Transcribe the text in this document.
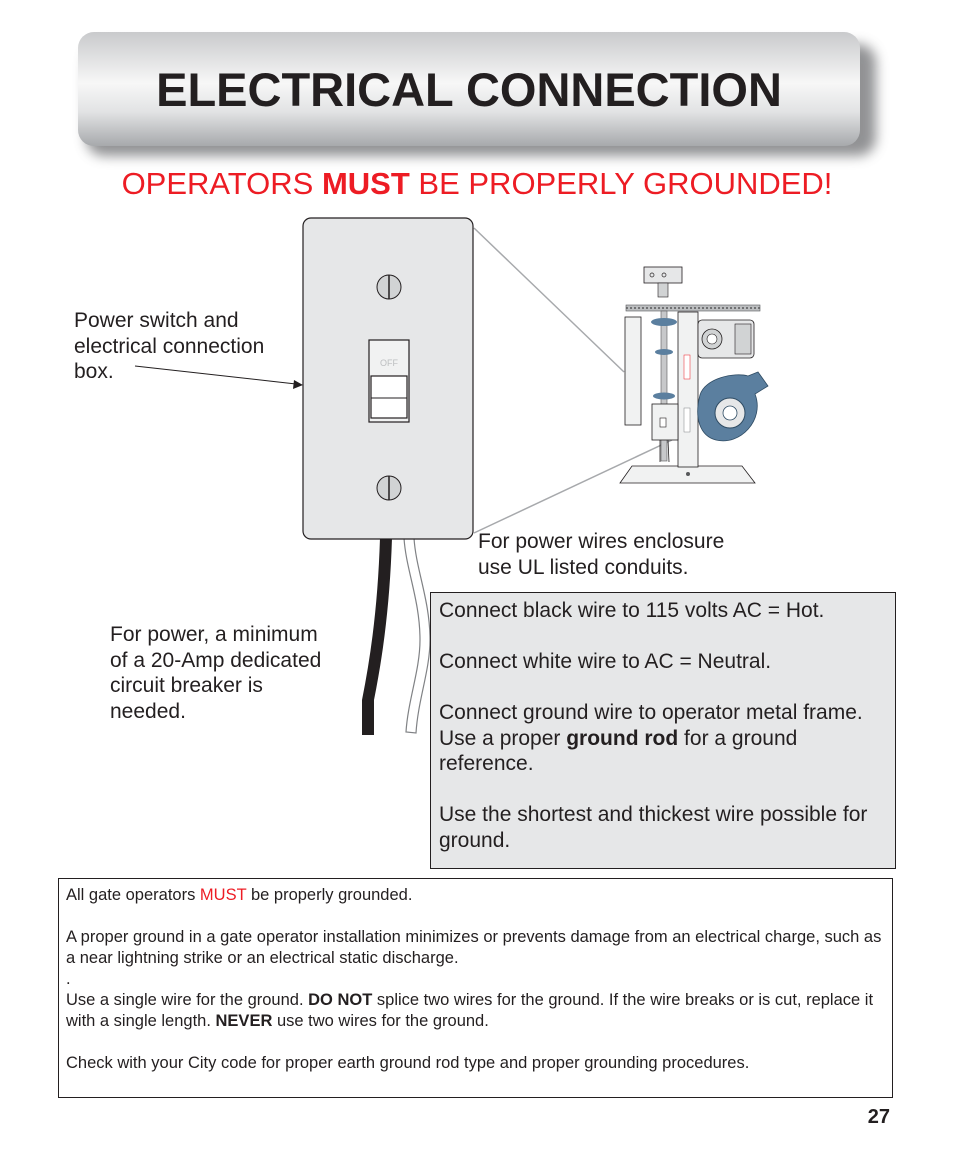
ELECTRICAL CONNECTION
OPERATORS MUST BE PROPERLY GROUNDED!
OFF
Power switch and
electrical connection
box.
For power wires enclosure
use UL listed conduits.
For power, a minimum
of a 20-Amp dedicated
circuit breaker is
needed.

Connect black wire to 115 volts AC = Hot.

Connect white wire to AC = Neutral.

Connect ground wire to operator metal frame. Use a proper ground rod for a ground reference.

Use the shortest and thickest wire possible for ground.

All gate operators MUST be properly grounded.

A proper ground in a gate operator installation minimizes or prevents damage from an electrical charge, such as a near lightning strike or an electrical static discharge.

.

Use a single wire for the ground. DO NOT splice two wires for the ground. If the wire breaks or is cut, replace it with a single length. NEVER use two wires for the ground.

Check with your City code for proper earth ground rod type and proper grounding procedures.

27
